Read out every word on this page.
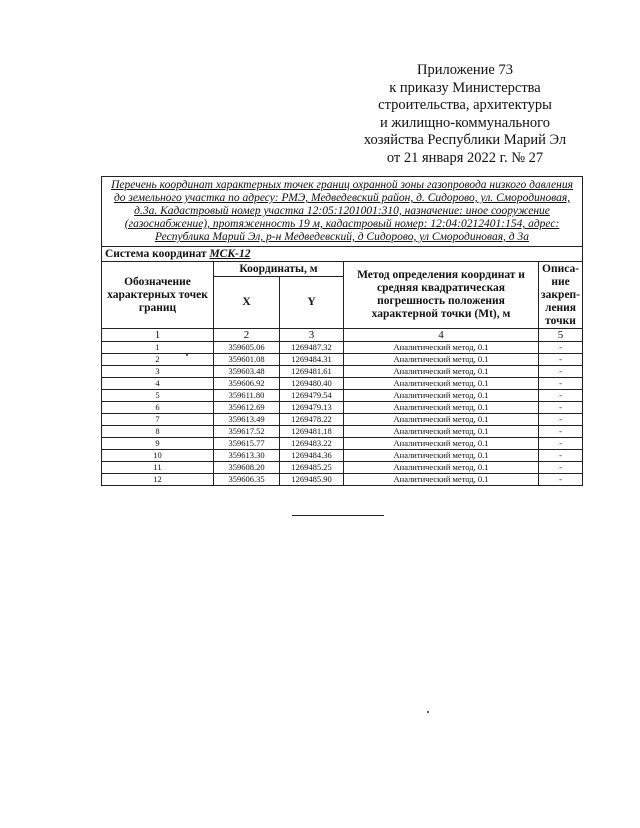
Приложение 73
к приказу Министерства
строительства, архитектуры
и жилищно-коммунального
хозяйства Республики Марий Эл
от 21 января 2022 г. № 27
Перечень координат характерных точек границ охранной зоны газопровода низкого давления до земельного участка по адресу: РМЭ, Медведевский район, д. Сидорово, ул. Смородиновая, д.3а. Кадастровый номер участка 12:05:1201001:310, назначение: иное сооружение (газоснабжение), протяженность 19 м, кадастровый номер: 12:04:0212401:154, адрес: Республика Марий Эл, р-н Медведевский, д Сидорово, ул Смородиновая, д 3а				
Система координат МСК-12				
Обозначение характерных точек границ	Координаты, м		Метод определения координат и средняя квадратическая погрешность положения характерной точки (Mt), м	Описа-ние закреп-ления точки
	X	Y		
1	2	3	4	5
1	359605.06	1269487.32	Аналитический метод, 0.1	-
2	359601.08	1269484.31	Аналитический метод, 0.1	-
3	359603.48	1269481.61	Аналитический метод, 0.1	-
4	359606.92	1269480.40	Аналитический метод, 0.1	-
5	359611.80	1269479.54	Аналитический метод, 0.1	-
6	359612.69	1269479.13	Аналитический метод, 0.1	-
7	359613.49	1269478.22	Аналитический метод, 0.1	-
8	359617.52	1269481.18	Аналитический метод, 0.1	-
9	359615.77	1269483.22	Аналитический метод, 0.1	-
10	359613.30	1269484.36	Аналитический метод, 0.1	-
11	359608.20	1269485.25	Аналитический метод, 0.1	-
12	359606.35	1269485.90	Аналитический метод, 0.1	-
